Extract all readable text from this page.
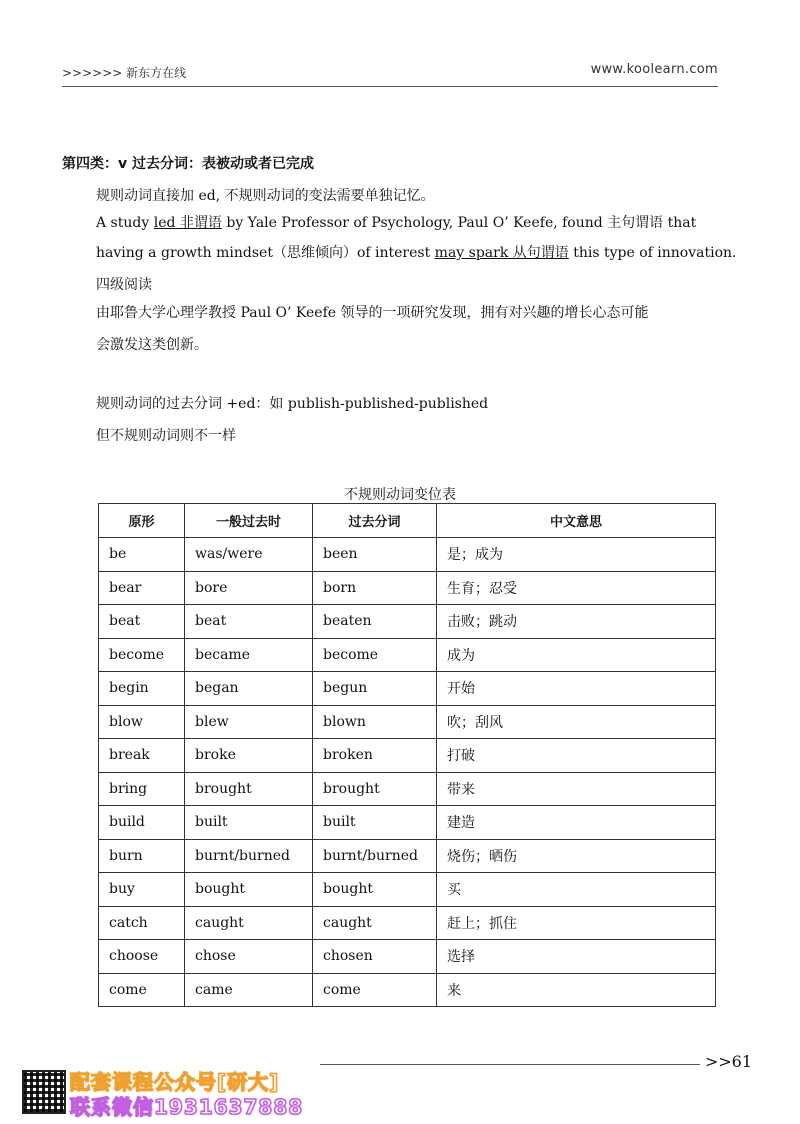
>>>>>> 新东方在线	www.koolearn.com
第四类：v 过去分词：表被动或者已完成
规则动词直接加 ed, 不规则动词的变法需要单独记忆。
A study led 非谓语 by Yale Professor of Psychology, Paul O’ Keefe, found 主句谓语 that
having a growth mindset（思维倾向）of interest may spark 从句谓语 this type of innovation.
四级阅读
由耶鲁大学心理学教授 Paul O’ Keefe 领导的一项研究发现，拥有对兴趣的增长心态可能
会激发这类创新。
规则动词的过去分词 +ed：如 publish-published-published
但不规则动词则不一样
不规则动词变位表
原形	一般过去时	过去分词	中文意思
be	was/were	been	是；成为
bear	bore	born	生育；忍受
beat	beat	beaten	击败；跳动
become	became	become	成为
begin	began	begun	开始
blow	blew	blown	吹；刮风
break	broke	broken	打破
bring	brought	brought	带来
build	built	built	建造
burn	burnt/burned	burnt/burned	烧伤；晒伤
buy	bought	bought	买
catch	caught	caught	赶上；抓住
choose	chose	chosen	选择
come	came	come	来
>>61
配套课程公众号[研大]
联系微信1931637888
